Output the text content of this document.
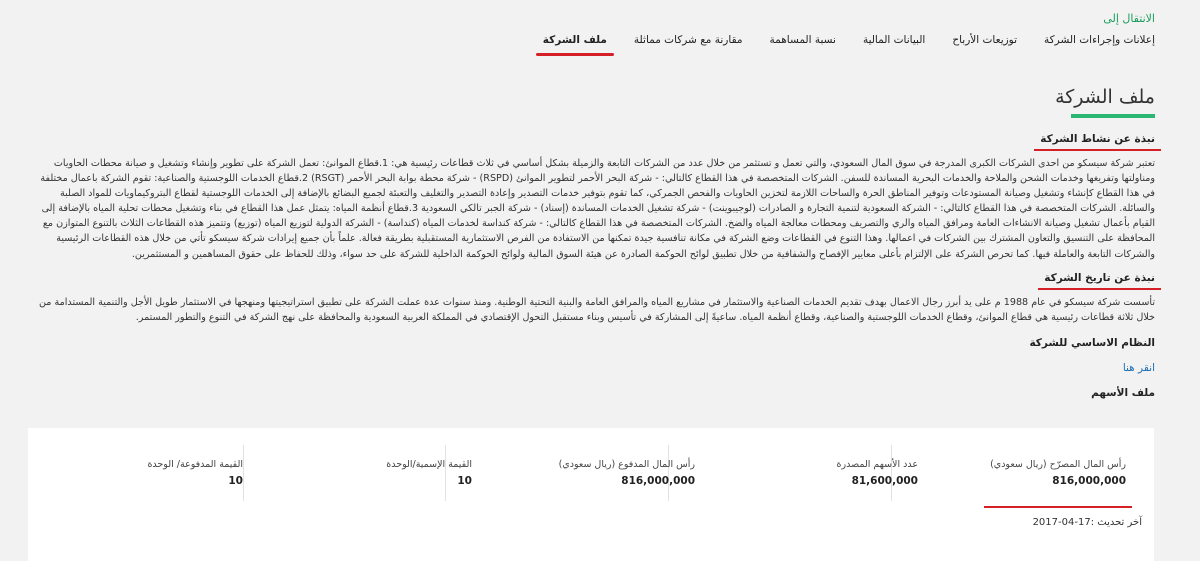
الانتقال إلى
إعلانات وإجراءات الشركة
توزيعات الأرباح
البيانات المالية
نسبة المساهمة
مقارنة مع شركات مماثلة
ملف الشركة
ملف الشركة
نبذة عن نشاط الشركة

تعتبر شركة سيسكو من احدى الشركات الكبرى المدرجة في سوق المال السعودي، والتي تعمل و تستثمر من خلال عدد من الشركات التابعة والزميلة بشكل أساسي في ثلاث قطاعات رئيسية هي: 1.قطاع الموانئ: تعمل الشركة على تطوير وإنشاء وتشغيل و صيانة محطات الحاويات ومناولتها وتفريغها وخدمات الشحن والملاحة والخدمات البحرية المساندة للسفن. الشركات المتخصصة في هذا القطاع كالتالي: - شركة البحر الأحمر لتطوير الموانئ (RSPD) - شركة محطة بوابة البحر الأحمر (RSGT) 2.قطاع الخدمات اللوجستية والصناعية: تقوم الشركة باعمال مختلفة في هذا القطاع كإنشاء وتشغيل وصيانة المستودعات وتوفير المناطق الحرة والساحات اللازمة لتخزين الحاويات والفحص الجمركي، كما تقوم بتوفير خدمات التصدير وإعادة التصدير والتغليف والتعبئة لجميع البضائع بالإضافة إلى الخدمات اللوجستية لقطاع البتروكيماويات للمواد الصلبة والسائلة. الشركات المتخصصة في هذا القطاع كالتالي: - الشركة السعودية لتنمية التجارة و الصادرات (لوجيبوينت) - شركة تشغيل الخدمات المساندة (إسناد) - شركة الجبر تالكي السعودية 3.قطاع أنظمة المياه: يتمثل عمل هذا القطاع في بناء وتشغيل محطات تحلية المياه بالإضافة إلى القيام بأعمال تشغيل وصيانة الانشاءات العامة ومرافق المياه والري والتصريف ومحطات معالجة المياه والضخ. الشركات المتخصصة في هذا القطاع كالتالي: - شركة كنداسة لخدمات المياه (كنداسة) - الشركة الدولية لتوزيع المياه (توزيع) وتتميز هذه القطاعات الثلاث بالتنوع المتوازن مع المحافظة على التنسيق والتعاون المشترك بين الشركات في اعمالها. وهذا التنوع في القطاعات وضع الشركة في مكانة تنافسية جيدة تمكنها من الاستفادة من الفرص الاستثمارية المستقبلية بطريقة فعالة. علماً بأن جميع إيرادات شركة سيسكو تأتي من خلال هذه القطاعات الرئيسية والشركات التابعة والعاملة فيها. كما تحرص الشركة على الإلتزام بأعلى معايير الإفصاح والشفافية من خلال تطبيق لوائح الحوكمة الصادرة عن هيئة السوق المالية ولوائح الحوكمة الداخلية للشركة على حد سواء، وذلك للحفاظ على حقوق المساهمين و المستثمرين.

نبذة عن تاريخ الشركة

تأسست شركة سيسكو في عام 1988 م على يد أبرز رجال الاعمال بهدف تقديم الخدمات الصناعية والاستثمار في مشاريع المياه والمرافق العامة والبنية التحتية الوطنية. ومنذ سنوات عدة عملت الشركة على تطبيق استراتيجيتها ومنهجها في الاستثمار طويل الأجل والتنمية المستدامة من خلال ثلاثة قطاعات رئيسية هي قطاع الموانئ، وقطاع الخدمات اللوجستية والصناعية، وقطاع أنظمة المياه. ساعيةً إلى المشاركة في تأسيس وبناء مستقبل التحول الإقتصادي في المملكة العربية السعودية والمحافظة على نهج الشركة في التنوع والتطور المستمر.

النظام الاساسي للشركة
انقر هنا
ملف الأسهم
رأس المال المصرّح (ريال سعودي)
816,000,000
عدد الأسهم المصدرة
81,600,000
رأس المال المدفوع (ريال سعودي)
816,000,000
القيمة الإسمية/الوحدة
10
القيمة المدفوعة/ الوحدة
10
آخر تحديث :17-04-2017
